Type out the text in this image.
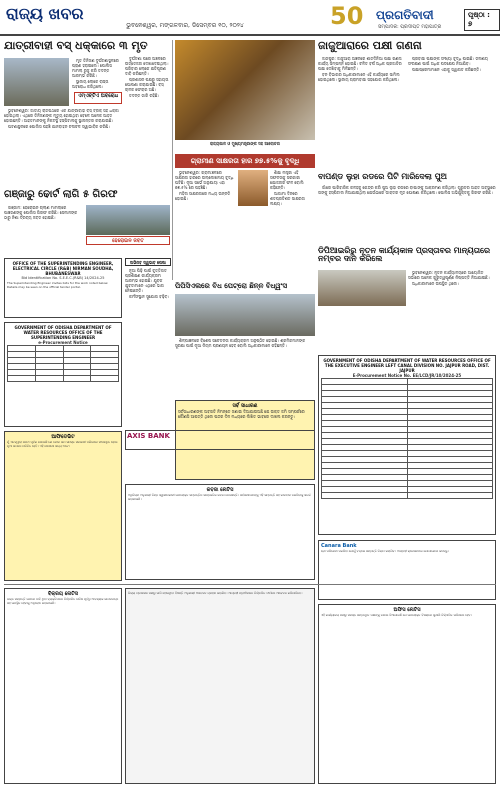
ରାଜ୍ୟ ଖବର
ଭୁବନେଶ୍ୱର, ମଙ୍ଗଳବାର, ଡିସେମ୍ବର ୧୦, ୨୦୨୪	50 ପ୍ରଗତିବାଦୀ
ସମ୍ପାଦକ: ପ୍ରଦୀପ୍ତ ମହାପାତ୍ର
ପୃଷ୍ଠା : ୭
ଯାତ୍ରୀବାହୀ ବସ୍ ଧକ୍କାରେ ୩ ମୃତ

ମୃତ ତିନିଜଣ ଦୁର୍ଘଟଣାସ୍ଥଳରେ ପ୍ରାଣ ହରାଇଲେ। ପୋଲିସ ମାମଲା ରୁଜୁ କରି ତଦନ୍ତ ଆରମ୍ଭ କରିଛି।

ସ୍ଥାନୀୟ ଲୋକେ ରାସ୍ତା ଅବରୋଧ କରିଥିଲେ।

ଏମ୍ଏଚ୍‌ଟିଏ ଅବରୋଧ

ଭୁବନେଶ୍ୱର: ଜାତୀୟ ରାଜପଥରେ ଏକ ଯାତ୍ରୀବାହୀ ବସ୍ ଟ୍ରକ୍ ସହ ଧକ୍କା ହୋଇଥିଲା। ଏଥିରେ ତିନିଜଣଙ୍କ ମୃତ୍ୟୁ ହୋଇଥିବା ବେଳେ ଅନେକ ଆହତ ହୋଇଛନ୍ତି। ଆହତମାନଙ୍କୁ ନିକଟସ୍ଥ ହସ୍ପିଟାଲକୁ ସ୍ଥାନାନ୍ତର କରାଯାଇଛି।

ଘଟଣାସ୍ଥଳରେ ପୋଲିସ ପହଞ୍ଚି ଯାନବାହନ ଚଳାଚଳ ସ୍ୱାଭାବିକ କରିଛି।

ଦୁର୍ଘଟଣା ପରେ ଅଞ୍ଚଳରେ ଉତ୍ତେଜନା ଦେଖାଦେଇଥିଲା। ପରିବାର ଲୋକେ କ୍ଷତିପୂରଣ ଦାବି କରିଛନ୍ତି।

ପ୍ରଶାସନ ପକ୍ଷରୁ ସହାୟତା ଘୋଷଣା କରାଯାଇଛି। ବସ୍ ଚାଳକ ଫେରାର ଅଛି।

ତଦନ୍ତ ଜାରି ରହିଛି।

ରାଜ୍ୟପାଳ ଓ ମୁଖ୍ୟମନ୍ତ୍ରୀଙ୍କ ସହ ଆଲୋଚନା
ଜାଜୁଆରାରେ ପକ୍ଷୀ ଗଣନା

ଜାଜପୁର: ଜାଜୁଆରା ଅଞ୍ଚଳରେ ଶୀତଦିନିଆ ପକ୍ଷୀ ଗଣନା କାର୍ଯ୍ୟ ସମ୍ପନ୍ନ ହୋଇଛି। ଚଳିତ ବର୍ଷ ଅଧିକ ପ୍ରଜାତିର ପକ୍ଷୀ ଦେଖିବାକୁ ମିଳିଛନ୍ତି।

ବନ ବିଭାଗର ଅଧିକାରୀମାନେ ଏହି କାର୍ଯ୍ୟରେ ସାମିଲ ହୋଇଥିଲେ। ସ୍ଥାନୀୟ ଗ୍ରାମବାସୀ ସହଯୋଗ କରିଥିଲେ।

ପ୍ରବାସୀ ପକ୍ଷୀଙ୍କ ସଂଖ୍ୟା ବୃଦ୍ଧି ପାଇଛି। ଜଳାଶୟ ସଂରକ୍ଷଣ ପାଇଁ ଅଧିକ ପଦକ୍ଷେପ ନିଆଯିବ।

ପକ୍ଷୀପ୍ରେମୀମାନେ ଏହାକୁ ସ୍ୱାଗତ କରିଛନ୍ତି।

ବାପଣ୍ଡ ଲୁହା ରଡରେ ପିଟି ମାରିଦେଲା ପୁଅ

ଗାଁରେ ପାରିବାରିକ କଳହକୁ କେନ୍ଦ୍ର କରି ପୁଅ ଲୁହା ରଡରେ ବାପାଙ୍କୁ ଆକ୍ରମଣ କରିଥିଲା। ଗୁରୁତର ଆହତ ଅବସ୍ଥାରେ ତାଙ୍କୁ ହସ୍ପିଟାଲ ନିଆଯାଇଥିଲା ଯେଉଁଠାରେ ଡାକ୍ତର ମୃତ ଘୋଷଣା କରିଥିଲେ। ପୋଲିସ ଅଭିଯୁକ୍ତକୁ ଗିରଫ କରିଛି।

ଗଞ୍ଜାରୁ ଢୋର୍ଟ ଲାଗି ୫ ଗିରଫ

ଗଞ୍ଜାମ: ହେରୋଇନ ଚାଲାଣ ମାମଲାରେ ପାଞ୍ଚଜଣଙ୍କୁ ପୋଲିସ ଗିରଫ କରିଛି। ସେମାନଙ୍କ ଠାରୁ ନିଶା ଦ୍ରବ୍ୟ ଜବତ ହୋଇଛି।

ହେରୋଇନ ଜବତ
ଗ୍ରାମୀଣ ସାକ୍ଷରତା ହାର ୭୭.୫%କୁ ବୃଦ୍ଧି

ଭୁବନେଶ୍ୱର: ଗ୍ରାମାଞ୍ଚଳରେ ସାକ୍ଷରତା ହାରରେ ଉଲ୍ଲେଖନୀୟ ବୃଦ୍ଧି ଘଟିଛି। ନୂଆ ସର୍ଭେ ଅନୁଯାୟୀ ଏହା ୭୭.୫% ରେ ପହଞ୍ଚିଛି।

ମହିଳା ସାକ୍ଷରତାରେ ମଧ୍ୟ ଉନ୍ନତି ହୋଇଛି।

ଶିକ୍ଷା ମନ୍ତ୍ରୀ ଏହି ସଫଳତାକୁ ସରକାରୀ ଯୋଜନାର ଫଳ ବୋଲି କହିଛନ୍ତି।

ଆଗାମୀ ଦିନରେ ଶତପ୍ରତିଶତ ସାକ୍ଷରତା ଲକ୍ଷ୍ୟ।

OFFICE OF THE SUPERINTENDING ENGINEER, ELECTRICAL CIRCLE (R&B) NIRMAN SOUDHA, BHUBANESWAR
Bid Identification No. S.E.E.C.(R&B) 14/2024-25
The Superintending Engineer invites bids for the work noted below. Details may be seen on the official tender portal.
ଅଭିନବ ସ୍ୱଭାବ ପେଷା

ନୂଆ ପିଢ଼ି ପାଇଁ ବୃତ୍ତିଗତ ପ୍ରଶିକ୍ଷଣ କାର୍ଯ୍ୟକ୍ରମ ଆରମ୍ଭ ହୋଇଛି। ଯୁବକ ଯୁବତୀମାନେ ଏଥିରେ ଭାଗ ନେଇଛନ୍ତି।

କର୍ମସଂସ୍ଥାନ ସୁଯୋଗ ବଢ଼ିବ।

ଡିପିଆଇରିରୁ ନୂତନ କାର୍ଯ୍ୟକାଳ ପ୍ରସ୍ତାବର ମାନ୍ୟତାରେ ନମ୍ବର ଦାନ କରିଲେ

ଭୁବନେଶ୍ୱର: ନୂତନ କାର୍ଯ୍ୟାଳୟରେ ଆୟୋଜିତ ସଭାରେ ଅନେକ ଗୁରୁତ୍ୱପୂର୍ଣ୍ଣ ନିଷ୍ପତ୍ତି ନିଆଯାଇଛି।

ଅଧିକାରୀମାନେ ଉପସ୍ଥିତ ଥିଲେ।

ପିପିସିଏଲରେ ବିଧ ପେଟ୍ରୋ ଛିନ୍ନ ବିଧ୍ୱଂସ

ଶିଳ୍ପାଞ୍ଚଳରେ ବିଶେଷ ସଚେତନତା କାର୍ଯ୍ୟକ୍ରମ ଅନୁଷ୍ଠିତ ହୋଇଛି। ଶ୍ରମିକମାନଙ୍କ ସୁରକ୍ଷା ପାଇଁ ନୂଆ ନିୟମ ପ୍ରଣୟନ ହେବ ବୋଲି ଅଧିକାରୀମାନେ କହିଛନ୍ତି।

GOVERNMENT OF ODISHA DEPARTMENT OF WATER RESOURCES OFFICE OF THE SUPERINTENDING ENGINEER
e-Procurement Notice

GOVERNMENT OF ODISHA DEPARTMENT OF WATER RESOURCES OFFICE OF THE EXECUTIVE ENGINEER LEFT CANAL DIVISION NO. JAJPUR ROAD, DIST. JAJPUR
E-Procurement Notice No. EE/LCD/JR/10/2024-25

ସର୍ବ ସାଧାରଣ
ସର୍ବସାଧାରଣଙ୍କ ଅବଗତି ନିମନ୍ତେ ଜଣାଇ ଦିଆଯାଉଅଛି ଯେ ଉକ୍ତ ଜମି ସମ୍ପର୍କରେ କୌଣସି ଆପତ୍ତି ଥିଲେ ପନ୍ଦର ଦିନ ମଧ୍ୟରେ ଲିଖିତ ଭାବରେ ଦାଖଲ କରନ୍ତୁ।
ଆଫିଡେଭିଟ
ମୁଁ ଏତଦ୍ୱାରା ଶପଥ ପୂର୍ବକ ଜଣାଉଛି ଯେ ମୋର ନାମ ସମସ୍ତ ସରକାରୀ ଦଲିଲରେ ସଂଶୋଧିତ ହୋଇ ନୂଆ ନାମରେ ପରିଚିତ ହେବି। ଏହି ଘୋଷଣା ସତ୍ୟ ଅଟେ।
AXIS BANK
କବଜା ନୋଟିସ
ଅଧିନିୟମ ଅନୁଯାୟୀ ନିମ୍ନ ସ୍ୱାକ୍ଷରକାରୀ ଉପରୋକ୍ତ ସମ୍ପତ୍ତିର ସାଙ୍କେତିକ କବଜା ନେଇଛନ୍ତି। ସର୍ବସାଧାରଣଙ୍କୁ ଏହି ସମ୍ପତ୍ତି ସହ କାରବାର ନକରିବାକୁ ସତର୍କ କରାଯାଉଛି।
Canara Bank
ଋଣ ପରିଶୋଧ ନକରିବା ଯୋଗୁଁ ବନ୍ଧକ ସମ୍ପତ୍ତି ନିଲାମ କରାଯିବ। ଆଗ୍ରହୀ କ୍ରେତାମାନେ ଯୋଗାଯୋଗ କରନ୍ତୁ।
ବିକ୍ରୟ ନୋଟିସ
ଉକ୍ତ ସମ୍ପତ୍ତି ଉପରେ ଦାବି ଥିବା ବ୍ୟକ୍ତିମାନେ ନିର୍ଦ୍ଧାରିତ ତାରିଖ ପୂର୍ବରୁ ଆବଶ୍ୟକ କାଗଜପତ୍ର ସହ ଉପସ୍ଥିତ ହେବାକୁ ଅନୁରୋଧ କରାଯାଉଛି।
ଜିଲ୍ଲା ପ୍ରଶାସନ ପକ୍ଷରୁ ଜାରି ହୋଇଥିବା ବିଜ୍ଞପ୍ତି ଅନୁଯାୟୀ ଆବେଦନ ଗ୍ରହଣ କରାଯିବ। ଆଗ୍ରହୀ ପ୍ରାର୍ଥୀମାନେ ନିର୍ଦ୍ଧାରିତ ଫର୍ମରେ ଆବେଦନ କରିପାରିବେ।
ଅଫିସ ନୋଟିସ
ଏହି କାର୍ଯ୍ୟାଳୟ ପକ୍ଷରୁ ସମସ୍ତ ସମ୍ବନ୍ଧିତ ପକ୍ଷଙ୍କୁ ଜଣାଇ ଦିଆଯାଉଛି ଯେ ଉପରୋକ୍ତ ବିଷୟରେ ଶୁଣାଣି ନିର୍ଦ୍ଧାରିତ ତାରିଖରେ ହେବ।
